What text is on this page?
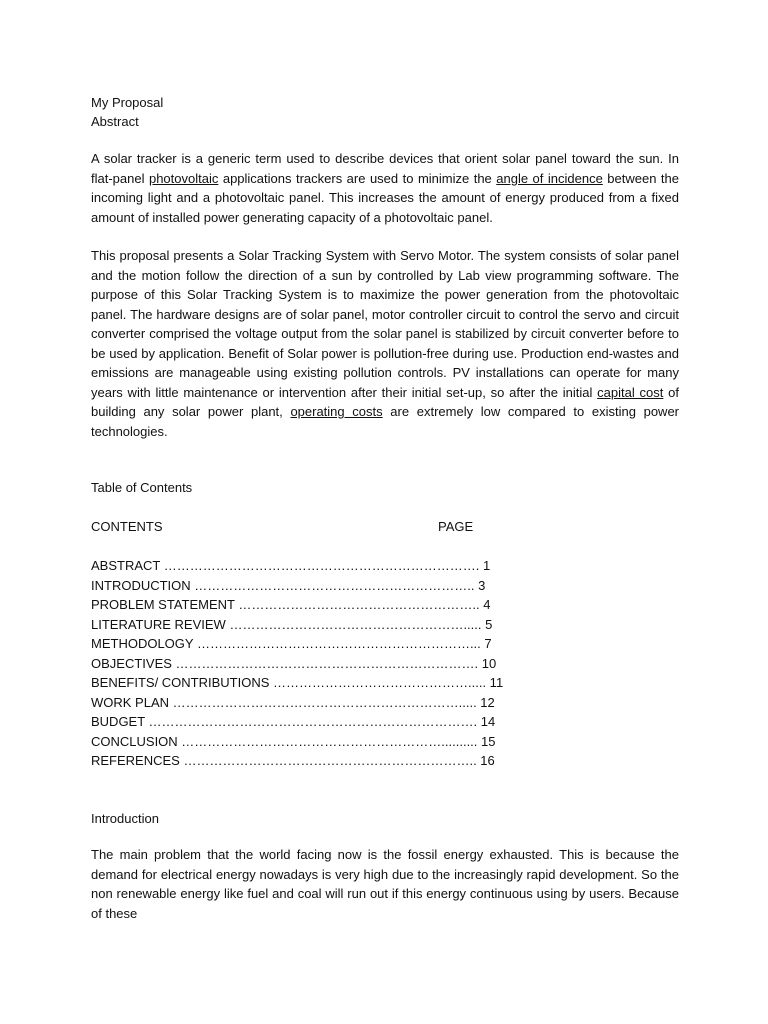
My Proposal

Abstract

A solar tracker is a generic term used to describe devices that orient solar panel toward the sun. In flat-panel photovoltaic applications trackers are used to minimize the angle of incidence between the incoming light and a photovoltaic panel. This increases the amount of energy produced from a fixed amount of installed power generating capacity of a photovoltaic panel.

This proposal presents a Solar Tracking System with Servo Motor. The system consists of solar panel and the motion follow the direction of a sun by controlled by Lab view programming software. The purpose of this Solar Tracking System is to maximize the power generation from the photovoltaic panel. The hardware designs are of solar panel, motor controller circuit to control the servo and circuit converter comprised the voltage output from the solar panel is stabilized by circuit converter before to be used by application. Benefit of Solar power is pollution-free during use. Production end-wastes and emissions are manageable using existing pollution controls. PV installations can operate for many years with little maintenance or intervention after their initial set-up, so after the initial capital cost of building any solar power plant, operating costs are extremely low compared to existing power technologies.

Table of Contents

CONTENTS	PAGE
ABSTRACT ………………………………………………………………. 1
INTRODUCTION ……………………………………………………….. 3
PROBLEM STATEMENT ……………………………………………….. 4
LITERATURE REVIEW ………………………………………………..... 5
METHODOLOGY ………………………………………………………... 7
OBJECTIVES ……………………………………………………………. 10
BENEFITS/ CONTRIBUTIONS ………………………………………..... 11
WORK PLAN …………………………………………………………..... 12
BUDGET …………………………………………………………………. 14
CONCLUSION …………………………………………………….......... 15
REFERENCES ………………………………………………………….. 16

Introduction

The main problem that the world facing now is the fossil energy exhausted. This is because the demand for electrical energy nowadays is very high due to the increasingly rapid development. So the non renewable energy like fuel and coal will run out if this energy continuous using by users. Because of these
